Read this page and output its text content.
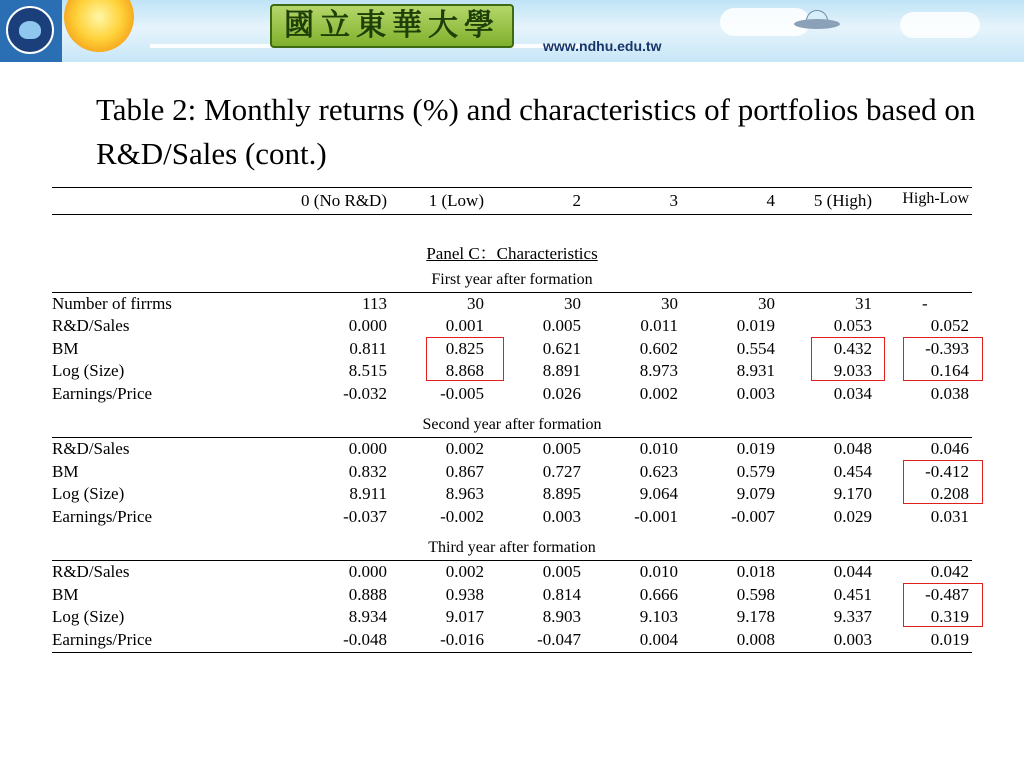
國立東華大學
www.ndhu.edu.tw
Table 2: Monthly returns (%) and characteristics of portfolios based on R&D/Sales (cont.)
0 (No R&D)	1 (Low)	2	3	4	5 (High)	High-Low
Panel C：Characteristics
First year after formation
Number of firrms	113	30	30	30	30	31	-
R&D/Sales	0.000	0.001	0.005	0.011	0.019	0.053	0.052
BM	0.811	0.825	0.621	0.602	0.554	0.432	-0.393
Log (Size)	8.515	8.868	8.891	8.973	8.931	9.033	0.164
Earnings/Price	-0.032	-0.005	0.026	0.002	0.003	0.034	0.038
Second year after formation
R&D/Sales	0.000	0.002	0.005	0.010	0.019	0.048	0.046
BM	0.832	0.867	0.727	0.623	0.579	0.454	-0.412
Log (Size)	8.911	8.963	8.895	9.064	9.079	9.170	0.208
Earnings/Price	-0.037	-0.002	0.003	-0.001	-0.007	0.029	0.031
Third year after formation
R&D/Sales	0.000	0.002	0.005	0.010	0.018	0.044	0.042
BM	0.888	0.938	0.814	0.666	0.598	0.451	-0.487
Log (Size)	8.934	9.017	8.903	9.103	9.178	9.337	0.319
Earnings/Price	-0.048	-0.016	-0.047	0.004	0.008	0.003	0.019
